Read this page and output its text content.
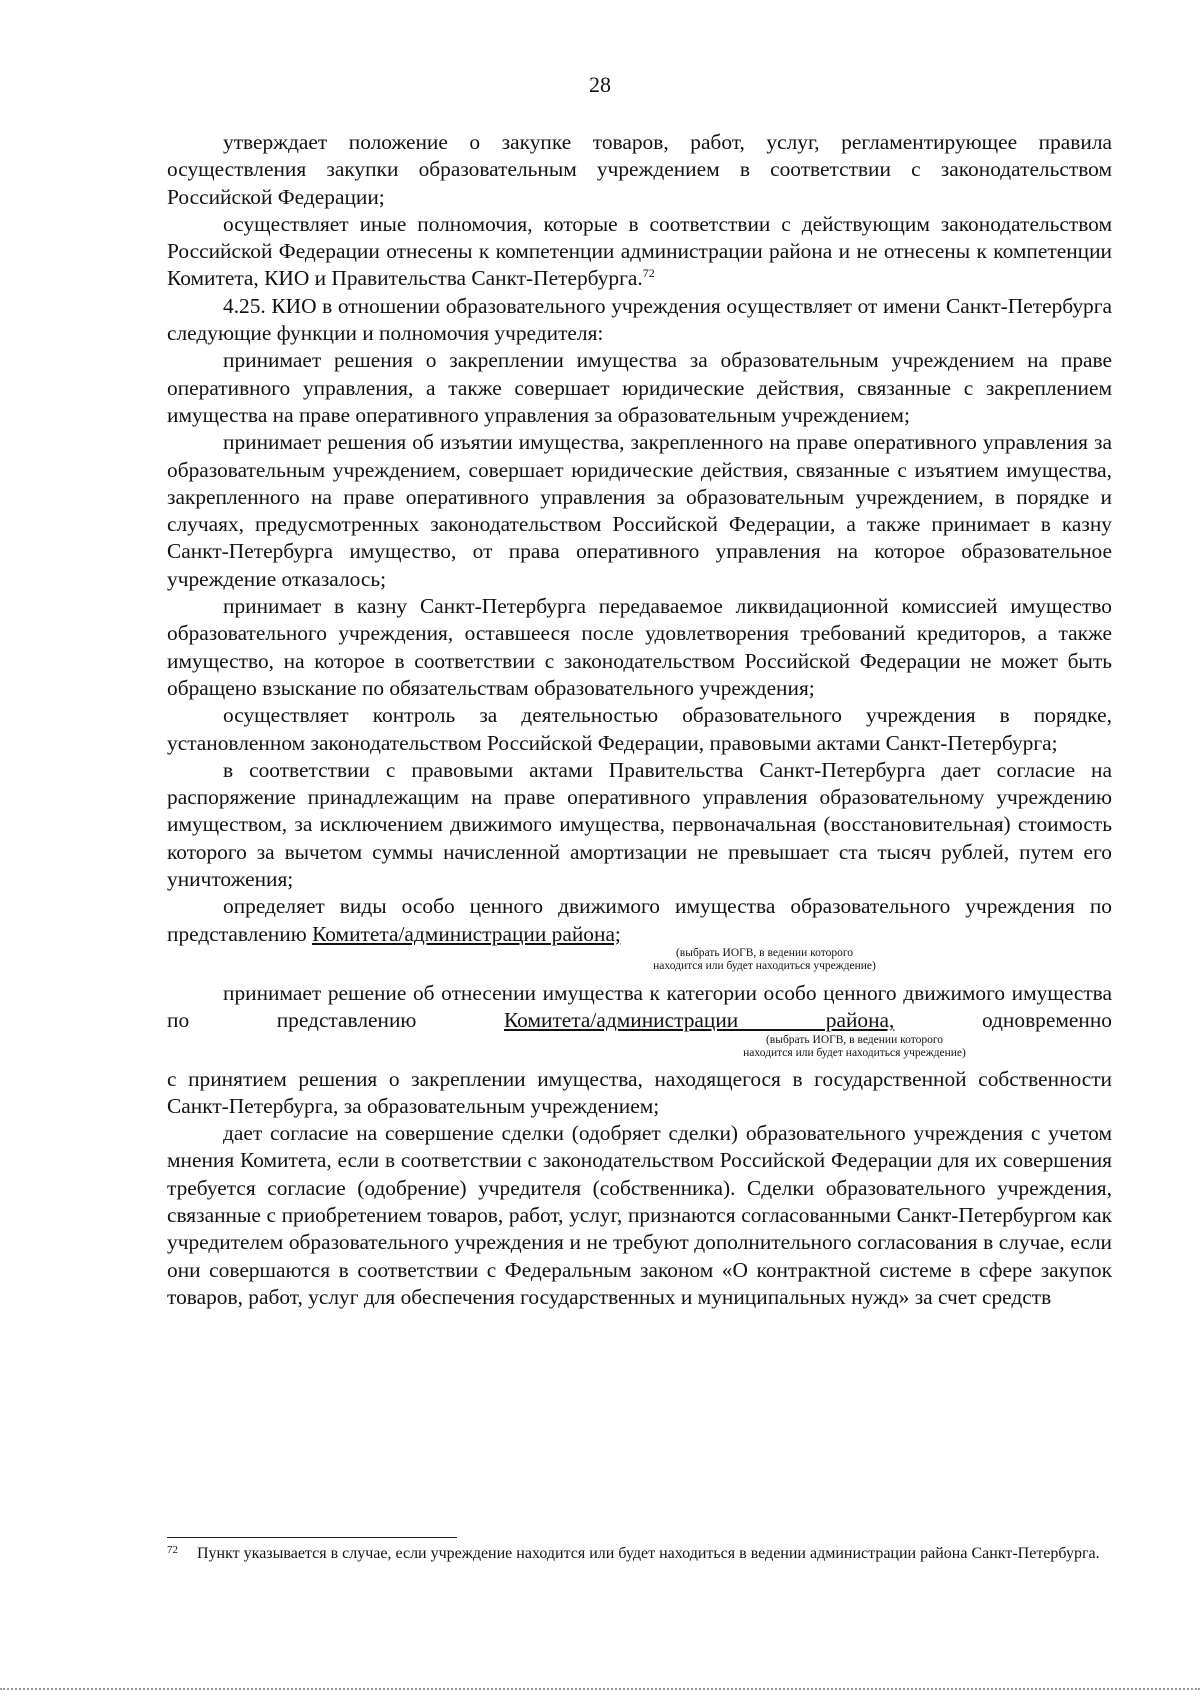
28

утверждает положение о закупке товаров, работ, услуг, регламентирующее правила осуществления закупки образовательным учреждением в соответствии с законодательством Российской Федерации;

осуществляет иные полномочия, которые в соответствии с действующим законодательством Российской Федерации отнесены к компетенции администрации района и не отнесены к компетенции Комитета, КИО и Правительства Санкт-Петербурга.$^{72}$

4.25. КИО в отношении образовательного учреждения осуществляет от имени Санкт-Петербурга следующие функции и полномочия учредителя:

принимает решения о закреплении имущества за образовательным учреждением на праве оперативного управления, а также совершает юридические действия, связанные с закреплением имущества на праве оперативного управления за образовательным учреждением;

принимает решения об изъятии имущества, закрепленного на праве оперативного управления за образовательным учреждением, совершает юридические действия, связанные с изъятием имущества, закрепленного на праве оперативного управления за образовательным учреждением, в порядке и случаях, предусмотренных законодательством Российской Федерации, а также принимает в казну Санкт-Петербурга имущество, от права оперативного управления на которое образовательное учреждение отказалось;

принимает в казну Санкт-Петербурга передаваемое ликвидационной комиссией имущество образовательного учреждения, оставшееся после удовлетворения требований кредиторов, а также имущество, на которое в соответствии с законодательством Российской Федерации не может быть обращено взыскание по обязательствам образовательного учреждения;

осуществляет контроль за деятельностью образовательного учреждения в порядке, установленном законодательством Российской Федерации, правовыми актами Санкт-Петербурга;

в соответствии с правовыми актами Правительства Санкт-Петербурга дает согласие на распоряжение принадлежащим на праве оперативного управления образовательному учреждению имуществом, за исключением движимого имущества, первоначальная (восстановительная) стоимость которого за вычетом суммы начисленной амортизации не превышает ста тысяч рублей, путем его уничтожения;

определяет виды особо ценного движимого имущества образовательного учреждения по представлению Комитета/администрации района;

(выбрать ИОГВ, в ведении которого
находится или будет находиться учреждение)

принимает решение об отнесении имущества к категории особо ценного движимого имущества по представлению	Комитета/администрации района,	одновременно

(выбрать ИОГВ, в ведении которого
находится или будет находиться учреждение)

с принятием решения о закреплении имущества, находящегося в государственной собственности Санкт-Петербурга, за образовательным учреждением;

дает согласие на совершение сделки (одобряет сделки) образовательного учреждения с учетом мнения Комитета, если в соответствии с законодательством Российской Федерации для их совершения требуется согласие (одобрение) учредителя (собственника). Сделки образовательного учреждения, связанные с приобретением товаров, работ, услуг, признаются согласованными Санкт-Петербургом как учредителем образовательного учреждения и не требуют дополнительного согласования в случае, если они совершаются в соответствии с Федеральным законом «О контрактной системе в сфере закупок товаров, работ, услуг для обеспечения государственных и муниципальных нужд» за счет средств

72	Пункт указывается в случае, если учреждение находится или будет находиться в ведении администрации района Санкт-Петербурга.
